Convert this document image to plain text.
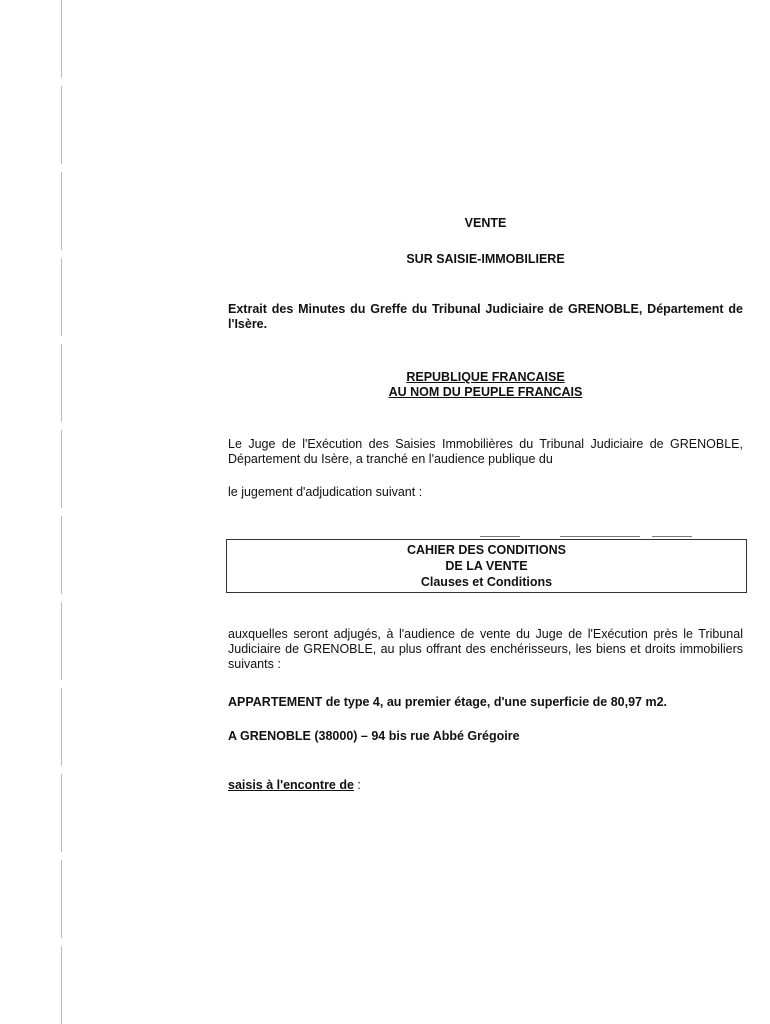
VENTE
SUR SAISIE-IMMOBILIERE
Extrait des Minutes du Greffe du Tribunal Judiciaire de GRENOBLE, Département de l'Isère.
REPUBLIQUE FRANCAISE
AU NOM DU PEUPLE FRANCAIS
Le Juge de l'Exécution des Saisies Immobilières du Tribunal Judiciaire de GRENOBLE, Département du Isère, a tranché en l'audience publique du
le jugement d'adjudication suivant :
CAHIER DES CONDITIONS
DE LA VENTE
Clauses et Conditions
auxquelles seront adjugés, à l'audience de vente du Juge de l'Exécution près le Tribunal Judiciaire de GRENOBLE, au plus offrant des enchérisseurs, les biens et droits immobiliers suivants :
APPARTEMENT de type 4, au premier étage, d'une superficie de 80,97 m2.
A GRENOBLE (38000) – 94 bis rue Abbé Grégoire
saisis à l'encontre de :
